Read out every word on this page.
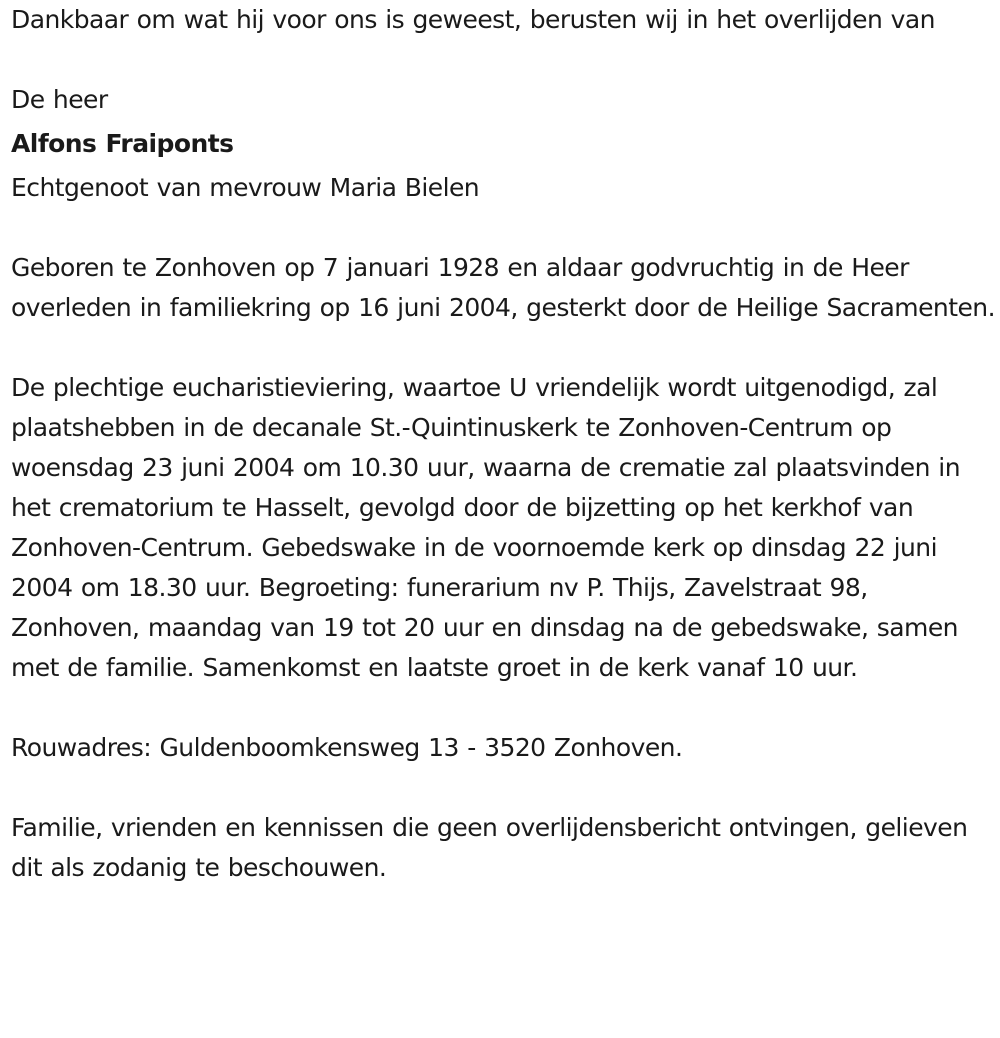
Dankbaar om wat hij voor ons is geweest, berusten wij in het overlijden van

De heer

Alfons Fraiponts

Echtgenoot van mevrouw Maria Bielen

Geboren te Zonhoven op 7 januari 1928 en aldaar godvruchtig in de Heer overleden in familiekring op 16 juni 2004, gesterkt door de Heilige Sacramenten.

De plechtige eucharistieviering, waartoe U vriendelijk wordt uitgenodigd, zal plaatshebben in de decanale St.-Quintinuskerk te Zonhoven-Centrum op woensdag 23 juni 2004 om 10.30 uur, waarna de crematie zal plaatsvinden in het crematorium te Hasselt, gevolgd door de bijzetting op het kerkhof van Zonhoven-Centrum. Gebedswake in de voornoemde kerk op dinsdag 22 juni 2004 om 18.30 uur. Begroeting: funerarium nv P. Thijs, Zavelstraat 98, Zonhoven, maandag van 19 tot 20 uur en dinsdag na de gebedswake, samen met de familie. Samenkomst en laatste groet in de kerk vanaf 10 uur.

Rouwadres: Guldenboomkensweg 13 - 3520 Zonhoven.

Familie, vrienden en kennissen die geen overlijdensbericht ontvingen, gelieven dit als zodanig te beschouwen.
